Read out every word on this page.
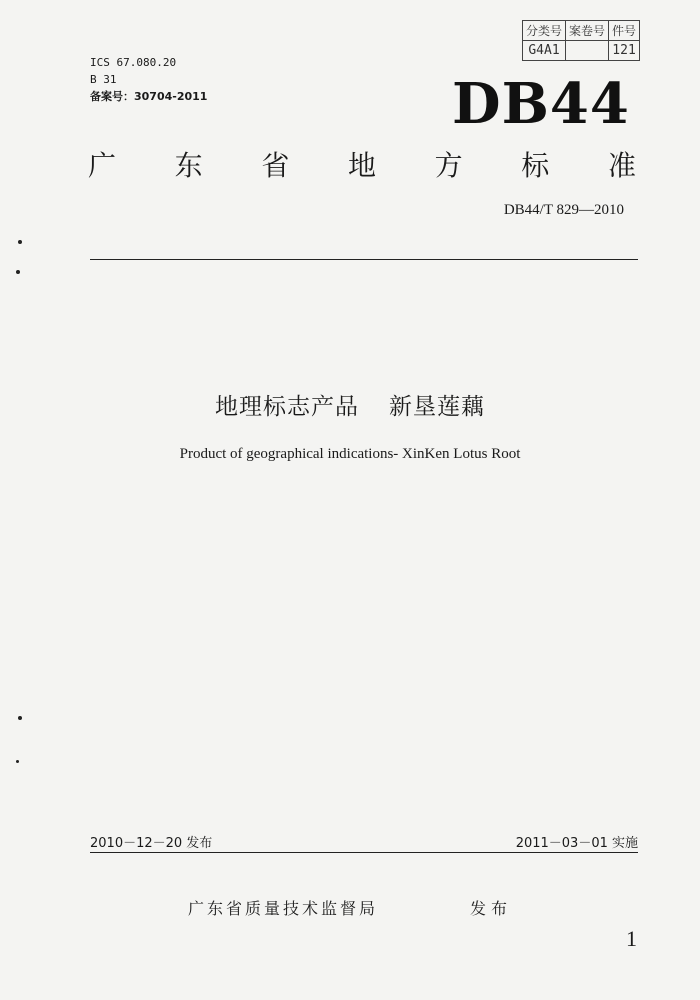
分类号	案卷号	件号
G4A1		121
ICS 67.080.20
B 31
备案号：30704-2011	DB44
广 东 省 地 方 标 准
DB44/T 829—2010
地理标志产品 新垦莲藕
Product of geographical indications- XinKen Lotus Root
2010－12－20 发布	2011－03－01 实施
广东省质量技术监督局	发布
1
